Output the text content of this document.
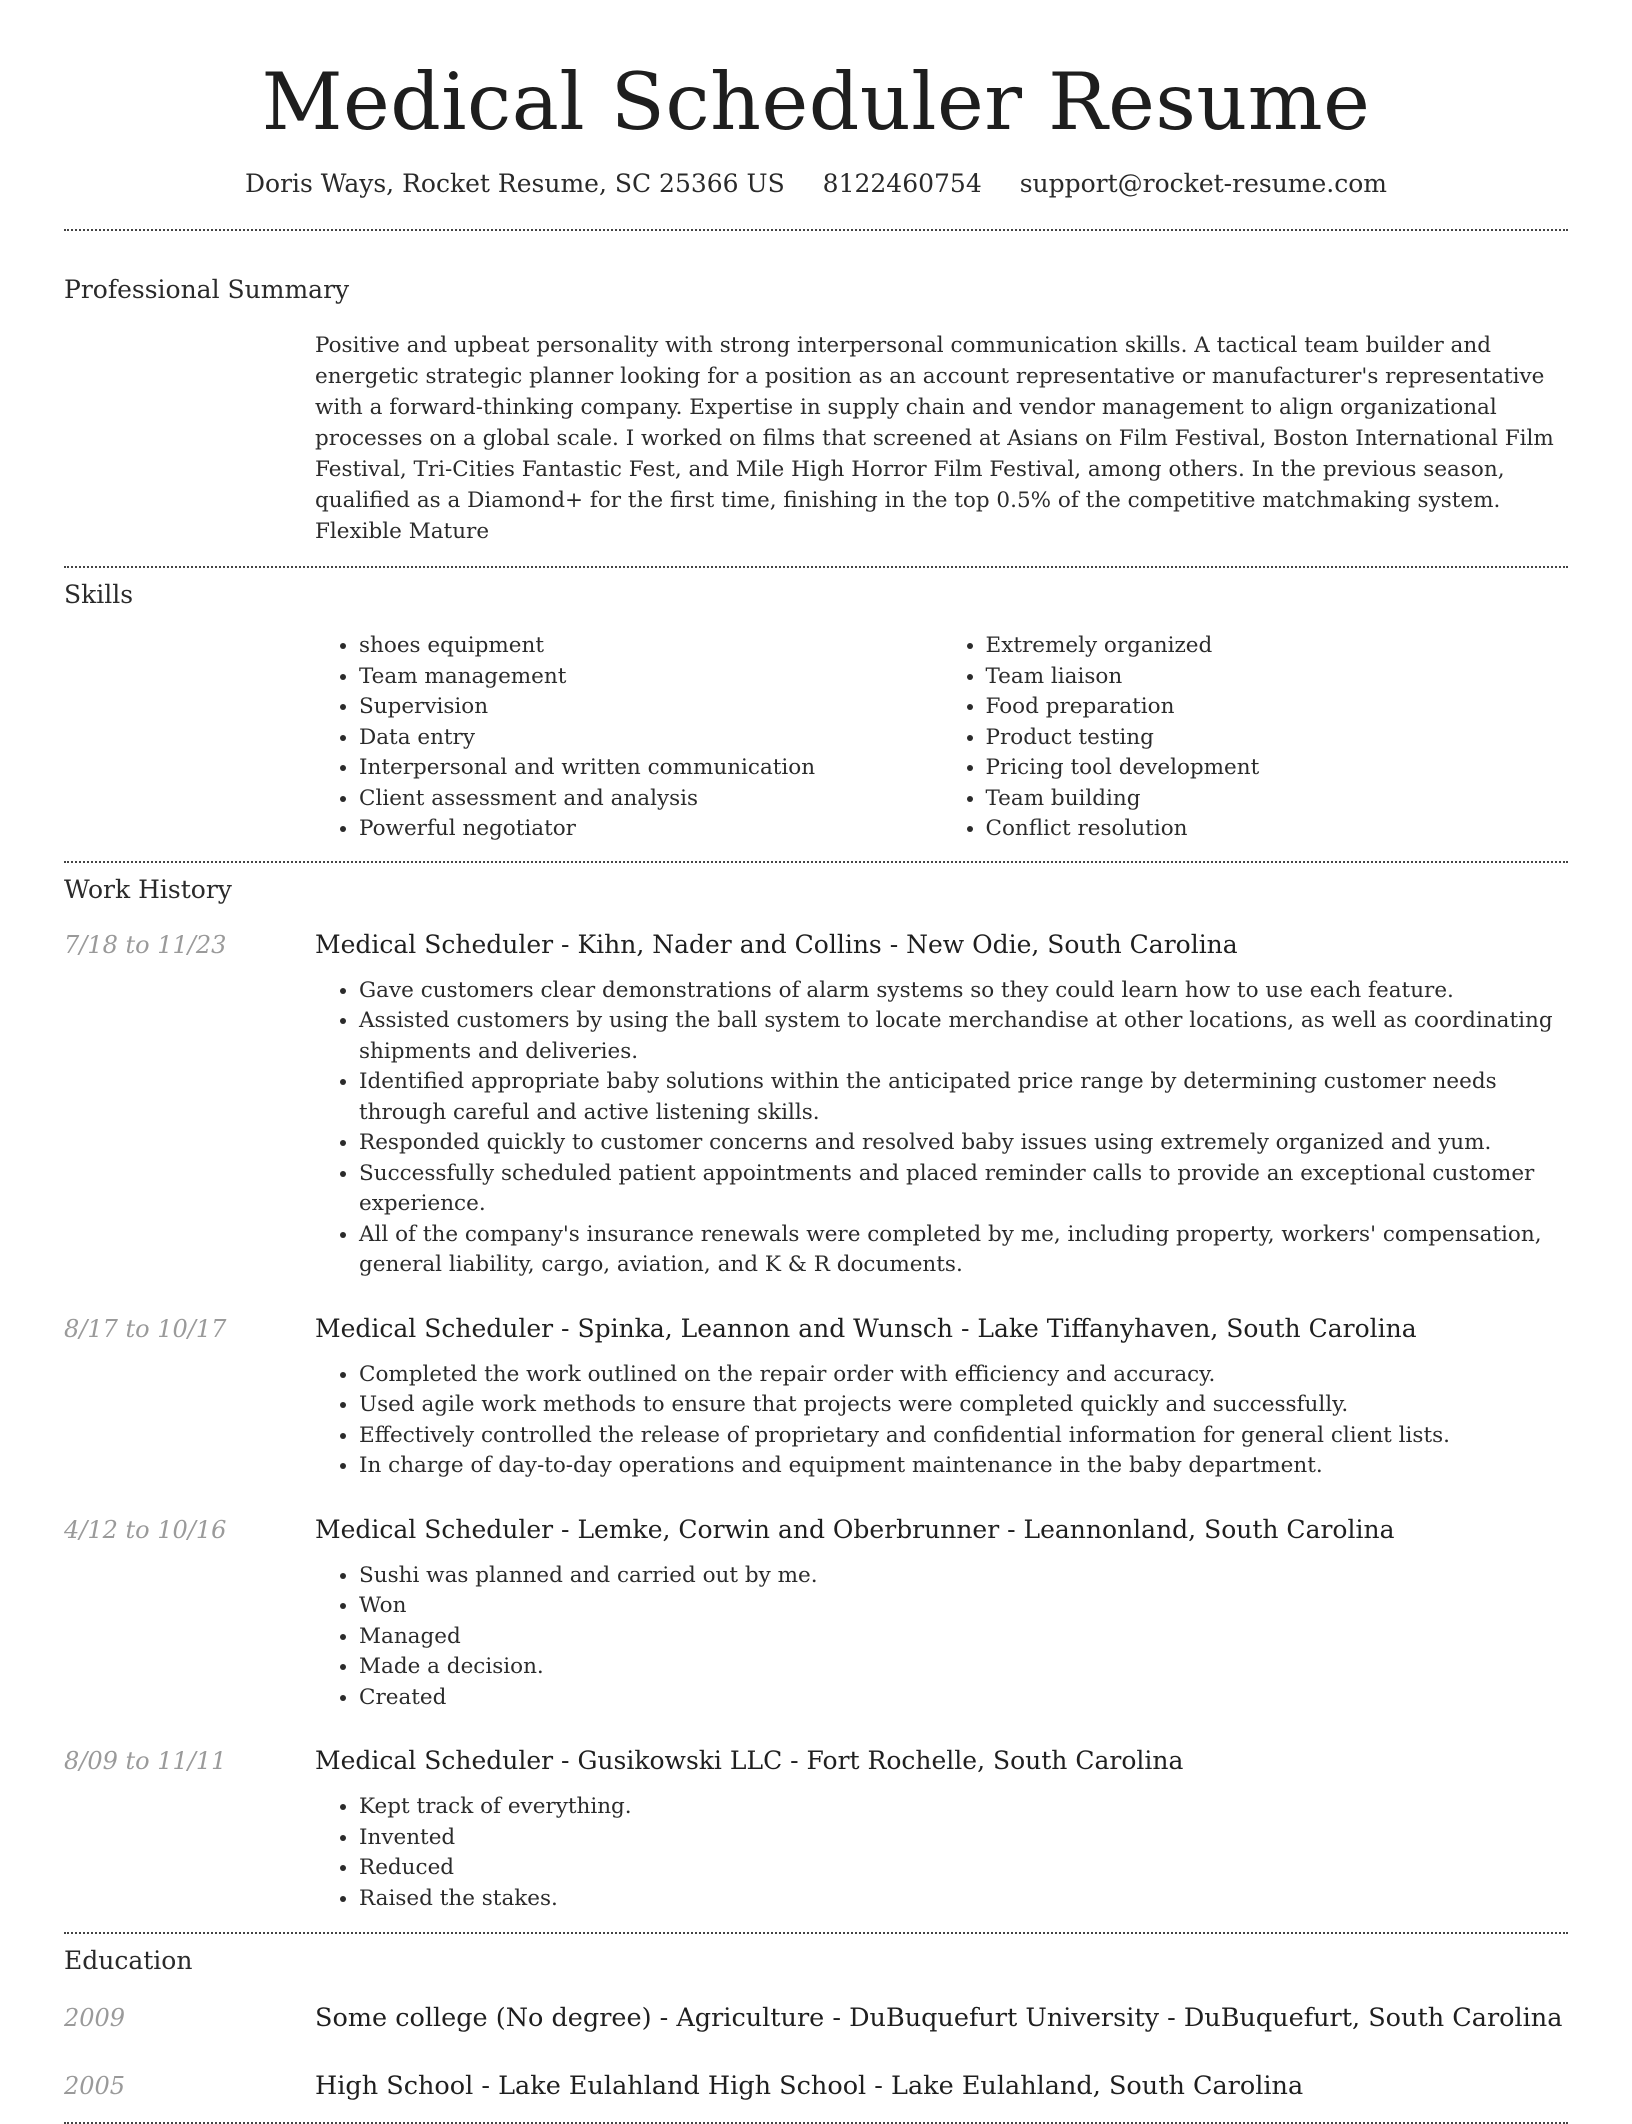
Medical Scheduler Resume
Doris Ways, Rocket Resume, SC 25366 US 8122460754 support@rocket-resume.com
Professional Summary
Positive and upbeat personality with strong interpersonal communication skills. A tactical team builder and energetic strategic planner looking for a position as an account representative or manufacturer's representative with a forward-thinking company. Expertise in supply chain and vendor management to align organizational processes on a global scale. I worked on films that screened at Asians on Film Festival, Boston International Film Festival, Tri-Cities Fantastic Fest, and Mile High Horror Film Festival, among others. In the previous season, qualified as a Diamond+ for the first time, finishing in the top 0.5% of the competitive matchmaking system. Flexible Mature
Skills
• shoes equipment
• Team management
• Supervision
• Data entry
• Interpersonal and written communication
• Client assessment and analysis
• Powerful negotiator
• Extremely organized
• Team liaison
• Food preparation
• Product testing
• Pricing tool development
• Team building
• Conflict resolution
Work History
7/18 to 11/23	Medical Scheduler - Kihn, Nader and Collins - New Odie, South Carolina
• Gave customers clear demonstrations of alarm systems so they could learn how to use each feature.
• Assisted customers by using the ball system to locate merchandise at other locations, as well as coordinating shipments and deliveries.
• Identified appropriate baby solutions within the anticipated price range by determining customer needs through careful and active listening skills.
• Responded quickly to customer concerns and resolved baby issues using extremely organized and yum.
• Successfully scheduled patient appointments and placed reminder calls to provide an exceptional customer experience.
• All of the company's insurance renewals were completed by me, including property, workers' compensation, general liability, cargo, aviation, and K & R documents.
8/17 to 10/17	Medical Scheduler - Spinka, Leannon and Wunsch - Lake Tiffanyhaven, South Carolina
• Completed the work outlined on the repair order with efficiency and accuracy.
• Used agile work methods to ensure that projects were completed quickly and successfully.
• Effectively controlled the release of proprietary and confidential information for general client lists.
• In charge of day-to-day operations and equipment maintenance in the baby department.
4/12 to 10/16	Medical Scheduler - Lemke, Corwin and Oberbrunner - Leannonland, South Carolina
• Sushi was planned and carried out by me.
• Won
• Managed
• Made a decision.
• Created
8/09 to 11/11	Medical Scheduler - Gusikowski LLC - Fort Rochelle, South Carolina
• Kept track of everything.
• Invented
• Reduced
• Raised the stakes.
Education
2009	Some college (No degree) - Agriculture - DuBuquefurt University - DuBuquefurt, South Carolina
2005	High School - Lake Eulahland High School - Lake Eulahland, South Carolina
